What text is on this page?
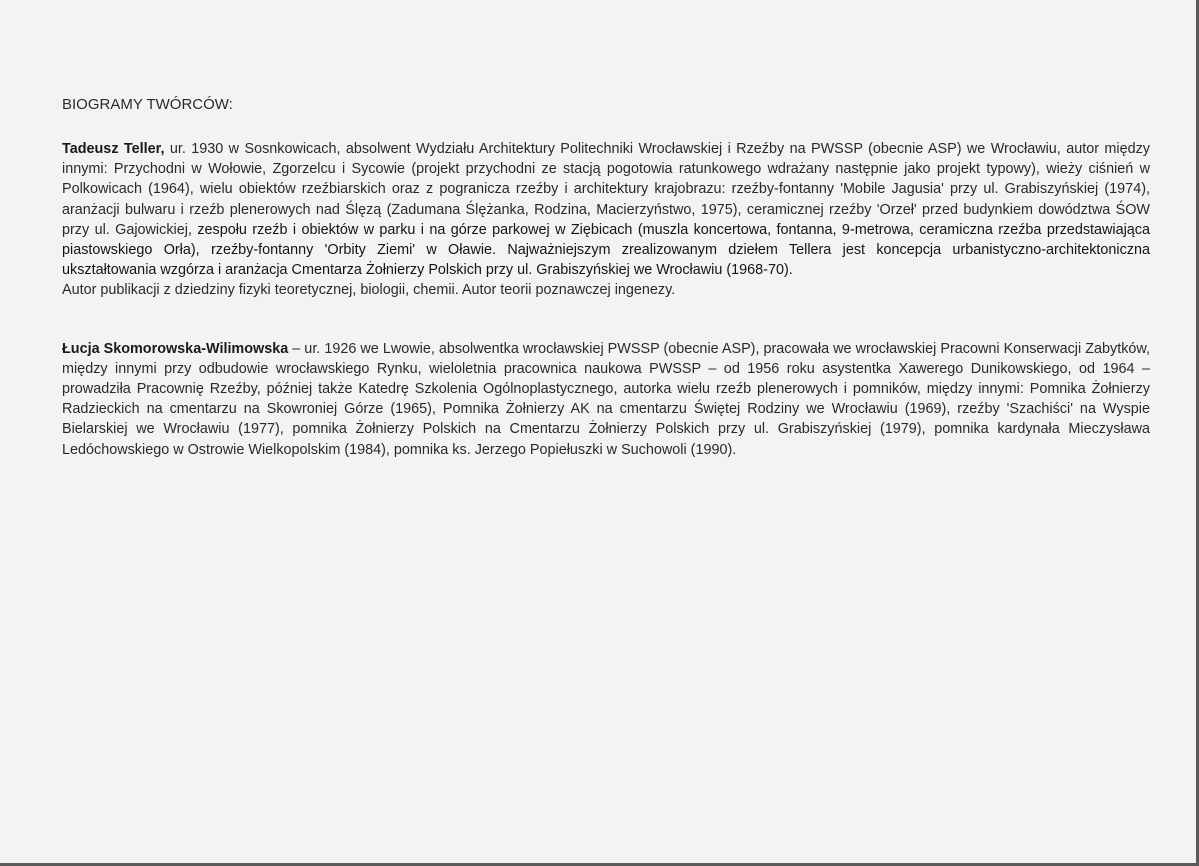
BIOGRAMY TWÓRCÓW:

Tadeusz Teller, ur. 1930 w Sosnkowicach, absolwent Wydziału Architektury Politechniki Wrocławskiej i Rzeźby na PWSSP (obecnie ASP) we Wrocławiu, autor między innymi: Przychodni w Wołowie, Zgorzelcu i Sycowie (projekt przychodni ze stacją pogotowia ratunkowego wdrażany następnie jako projekt typowy), wieży ciśnień w Polkowicach (1964), wielu obiektów rzeźbiarskich oraz z pogranicza rzeźby i architektury krajobrazu: rzeźby-fontanny 'Mobile Jagusia' przy ul. Grabiszyńskiej (1974), aranżacji bulwaru i rzeźb plenerowych nad Ślęzą (Zadumana Ślężanka, Rodzina, Macierzyństwo, 1975), ceramicznej rzeźby 'Orzeł' przed budynkiem dowództwa ŚOW przy ul. Gajowickiej, zespołu rzeźb i obiektów w parku i na górze parkowej w Ziębicach (muszla koncertowa, fontanna, 9-metrowa, ceramiczna rzeźba przedstawiająca piastowskiego Orła), rzeźby-fontanny 'Orbity Ziemi' w Oławie. Najważniejszym zrealizowanym dziełem Tellera jest koncepcja urbanistyczno-architektoniczna ukształtowania wzgórza i aranżacja Cmentarza Żołnierzy Polskich przy ul. Grabiszyńskiej we Wrocławiu (1968-70).

Autor publikacji z dziedziny fizyki teoretycznej, biologii, chemii. Autor teorii poznawczej ingenezy.

Łucja Skomorowska-Wilimowska – ur. 1926 we Lwowie, absolwentka wrocławskiej PWSSP (obecnie ASP), pracowała we wrocławskiej Pracowni Konserwacji Zabytków, między innymi przy odbudowie wrocławskiego Rynku, wieloletnia pracownica naukowa PWSSP – od 1956 roku asystentka Xawerego Dunikowskiego, od 1964 – prowadziła Pracownię Rzeźby, później także Katedrę Szkolenia Ogólnoplastycznego, autorka wielu rzeźb plenerowych i pomników, między innymi: Pomnika Żołnierzy Radzieckich na cmentarzu na Skowroniej Górze (1965), Pomnika Żołnierzy AK na cmentarzu Świętej Rodziny we Wrocławiu (1969), rzeźby 'Szachiści' na Wyspie Bielarskiej we Wrocławiu (1977), pomnika Żołnierzy Polskich na Cmentarzu Żołnierzy Polskich przy ul. Grabiszyńskiej (1979), pomnika kardynała Mieczysława Ledóchowskiego w Ostrowie Wielkopolskim (1984), pomnika ks. Jerzego Popiełuszki w Suchowoli (1990).
